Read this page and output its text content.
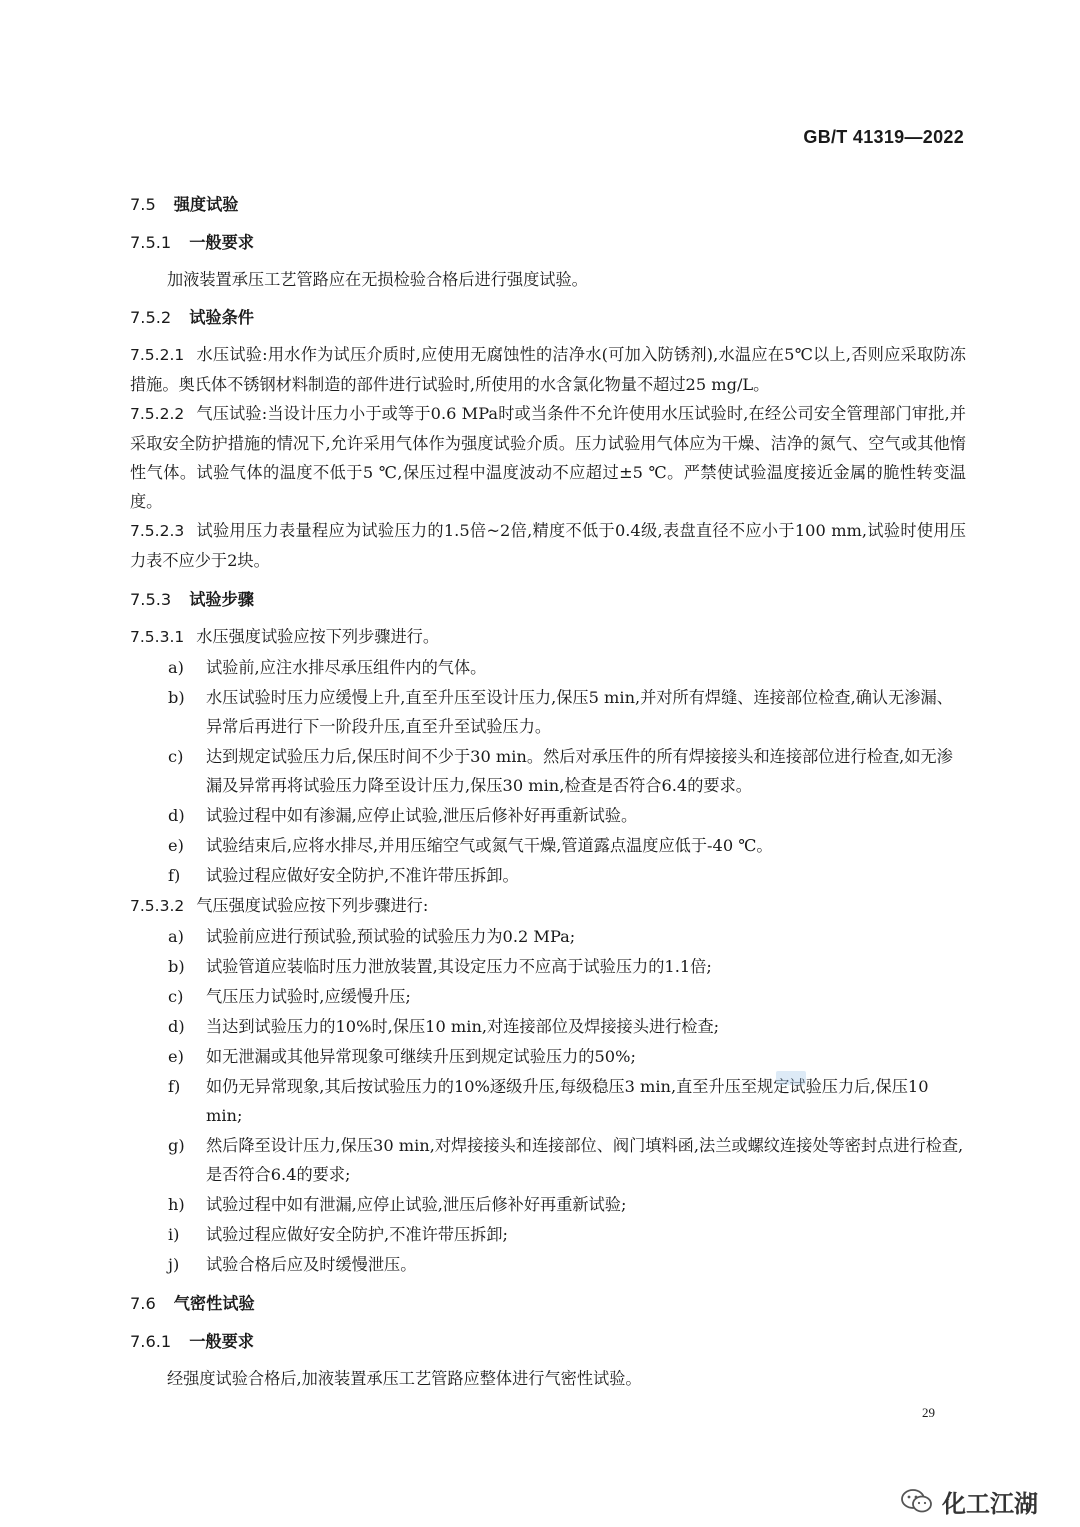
GB/T 41319—2022
7.5 强度试验
7.5.1 一般要求

加液装置承压工艺管路应在无损检验合格后进行强度试验。

7.5.2 试验条件

7.5.2.1 水压试验:用水作为试压介质时,应使用无腐蚀性的洁净水(可加入防锈剂),水温应在5℃以上,否则应采取防冻措施。奥氏体不锈钢材料制造的部件进行试验时,所使用的水含氯化物量不超过25 mg/L。

7.5.2.2 气压试验:当设计压力小于或等于0.6 MPa时或当条件不允许使用水压试验时,在经公司安全管理部门审批,并采取安全防护措施的情况下,允许采用气体作为强度试验介质。压力试验用气体应为干燥、洁净的氮气、空气或其他惰性气体。试验气体的温度不低于5 ℃,保压过程中温度波动不应超过±5 ℃。严禁使试验温度接近金属的脆性转变温度。

7.5.2.3 试验用压力表量程应为试验压力的1.5倍~2倍,精度不低于0.4级,表盘直径不应小于100 mm,试验时使用压力表不应少于2块。

7.5.3 试验步骤

7.5.3.1 水压强度试验应按下列步骤进行。

a)	试验前,应注水排尽承压组件内的气体。
b)	水压试验时压力应缓慢上升,直至升压至设计压力,保压5 min,并对所有焊缝、连接部位检查,确认无渗漏、异常后再进行下一阶段升压,直至升至试验压力。
c)	达到规定试验压力后,保压时间不少于30 min。然后对承压件的所有焊接接头和连接部位进行检查,如无渗漏及异常再将试验压力降至设计压力,保压30 min,检查是否符合6.4的要求。
d)	试验过程中如有渗漏,应停止试验,泄压后修补好再重新试验。
e)	试验结束后,应将水排尽,并用压缩空气或氮气干燥,管道露点温度应低于-40 ℃。
f)	试验过程应做好安全防护,不准许带压拆卸。

7.5.3.2 气压强度试验应按下列步骤进行:

a)	试验前应进行预试验,预试验的试验压力为0.2 MPa;
b)	试验管道应装临时压力泄放装置,其设定压力不应高于试验压力的1.1倍;
c)	气压压力试验时,应缓慢升压;
d)	当达到试验压力的10%时,保压10 min,对连接部位及焊接接头进行检查;
e)	如无泄漏或其他异常现象可继续升压到规定试验压力的50%;
f)	如仍无异常现象,其后按试验压力的10%逐级升压,每级稳压3 min,直至升压至规定试验压力后,保压10 min;
g)	然后降至设计压力,保压30 min,对焊接接头和连接部位、阀门填料函,法兰或螺纹连接处等密封点进行检查,是否符合6.4的要求;
h)	试验过程中如有泄漏,应停止试验,泄压后修补好再重新试验;
i)	试验过程应做好安全防护,不准许带压拆卸;
j)	试验合格后应及时缓慢泄压。
7.6 气密性试验
7.6.1 一般要求

经强度试验合格后,加液装置承压工艺管路应整体进行气密性试验。

29
化工江湖
